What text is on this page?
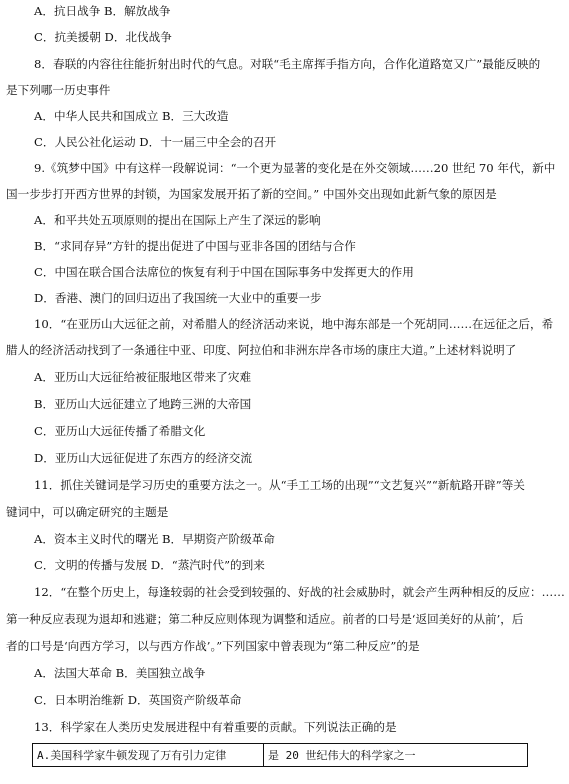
A．抗日战争 B．解放战争
C．抗美援朝 D．北伐战争
8．春联的内容往往能折射出时代的气息。对联“毛主席挥手指方向，合作化道路宽又广”最能反映的
是下列哪一历史事件
A．中华人民共和国成立 B．三大改造
C．人民公社化运动 D．十一届三中全会的召开
9.《筑梦中国》中有这样一段解说词：“一个更为显著的变化是在外交领域……20 世纪 70 年代，新中
国一步步打开西方世界的封锁，为国家发展开拓了新的空间。” 中国外交出现如此新气象的原因是
A．和平共处五项原则的提出在国际上产生了深远的影响
B．“求同存异”方针的提出促进了中国与亚非各国的团结与合作
C．中国在联合国合法席位的恢复有利于中国在国际事务中发挥更大的作用
D．香港、澳门的回归迈出了我国统一大业中的重要一步
10．“在亚历山大远征之前，对希腊人的经济活动来说，地中海东部是一个死胡同……在远征之后，希
腊人的经济活动找到了一条通往中亚、印度、阿拉伯和非洲东岸各市场的康庄大道。”上述材料说明了
A．亚历山大远征给被征服地区带来了灾难
B．亚历山大远征建立了地跨三洲的大帝国
C．亚历山大远征传播了希腊文化
D．亚历山大远征促进了东西方的经济交流
11．抓住关键词是学习历史的重要方法之一。从“手工工场的出现”“文艺复兴”“新航路开辟”等关
键词中，可以确定研究的主题是
A．资本主义时代的曙光 B．早期资产阶级革命
C．文明的传播与发展 D．“蒸汽时代”的到来
12．“在整个历史上，每逢较弱的社会受到较强的、好战的社会威胁时，就会产生两种相反的反应：……
第一种反应表现为退却和逃避；第二种反应则体现为调整和适应。前者的口号是‘返回美好的从前’，后
者的口号是‘向西方学习，以与西方作战’。”下列国家中曾表现为“第二种反应”的是
A．法国大革命 B．美国独立战争
C．日本明治维新 D．英国资产阶级革命
13．科学家在人类历史发展进程中有着重要的贡献。下列说法正确的是
A.美国科学家牛顿发现了万有引力定律	是 20 世纪伟大的科学家之一
